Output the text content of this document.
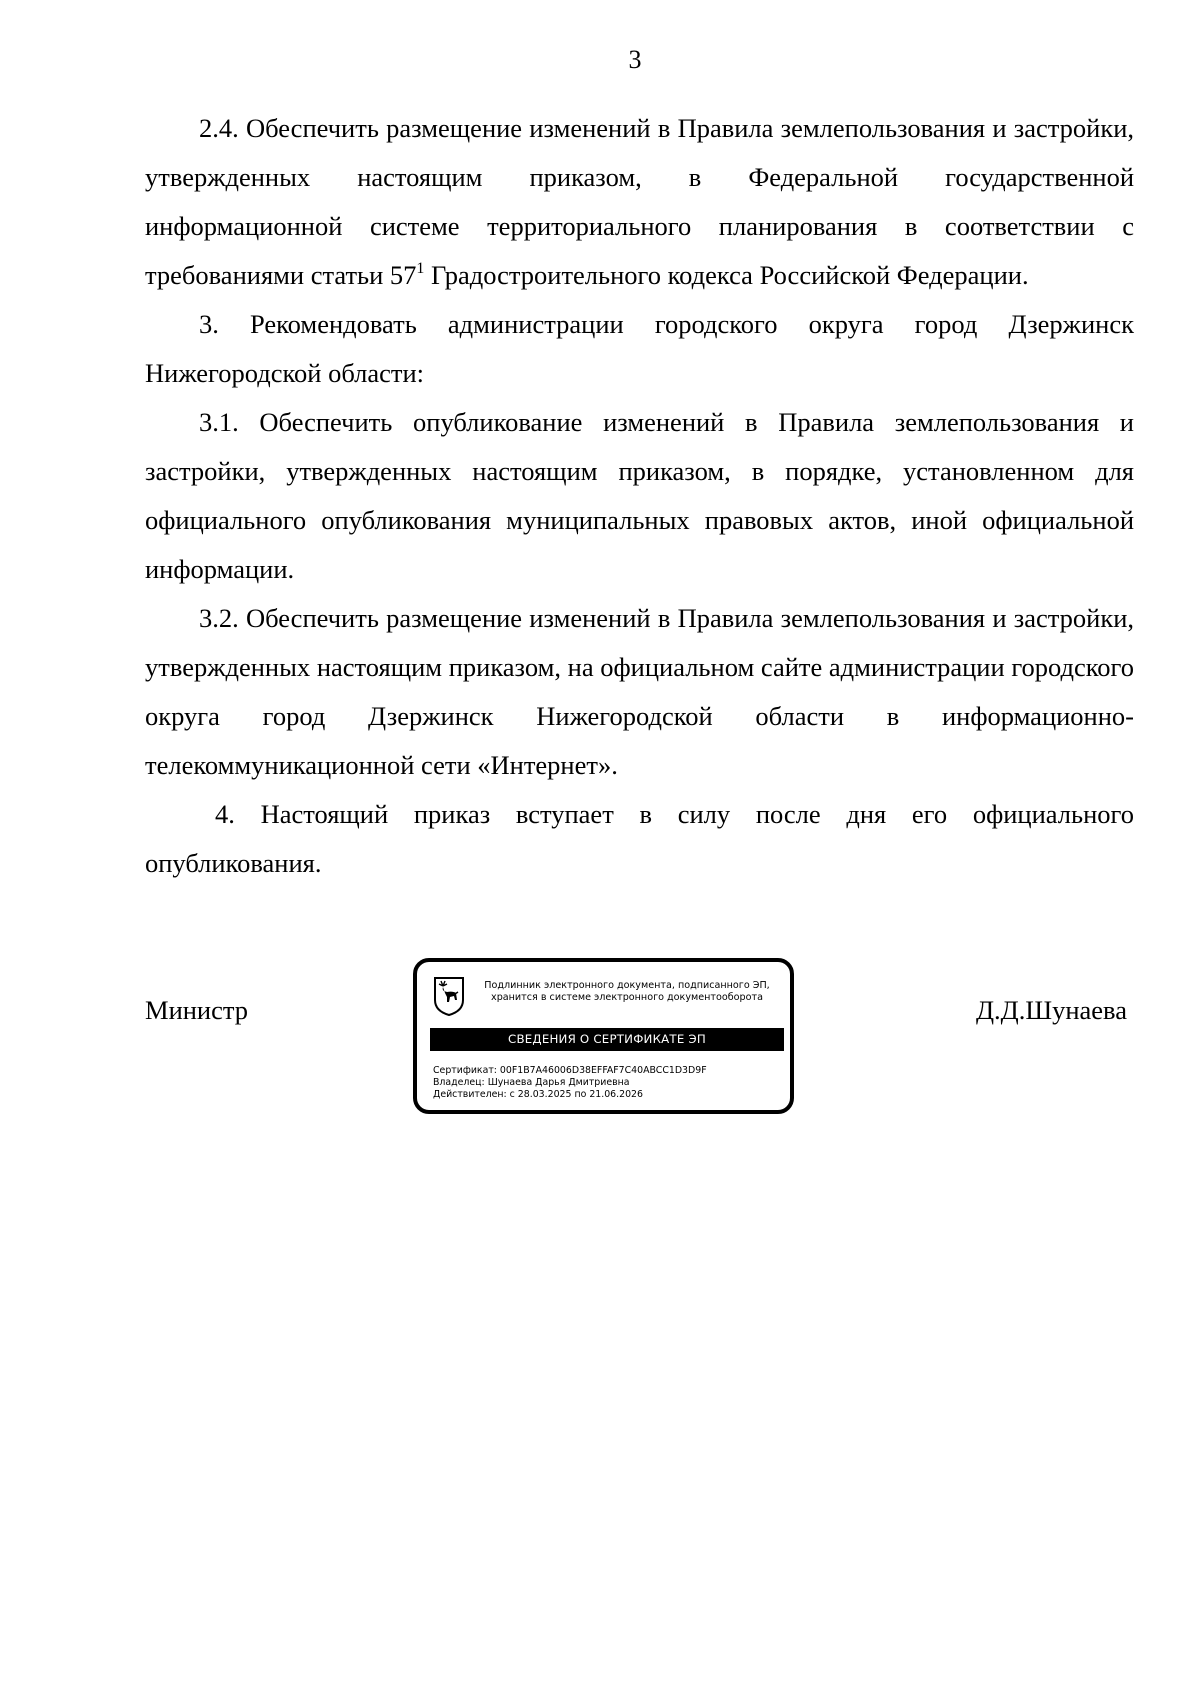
3

2.4. Обеспечить размещение изменений в Правила землепользования и застройки, утвержденных настоящим приказом, в Федеральной государственной информационной системе территориального планирования в соответствии с требованиями статьи $57^1$ Градостроительного кодекса Российской Федерации.

3. Рекомендовать администрации городского округа город Дзержинск Нижегородской области:

3.1. Обеспечить опубликование изменений в Правила землепользования и застройки, утвержденных настоящим приказом, в порядке, установленном для официального опубликования муниципальных правовых актов, иной официальной информации.

3.2. Обеспечить размещение изменений в Правила землепользования и застройки, утвержденных настоящим приказом, на официальном сайте администрации городского округа город Дзержинск Нижегородской области в информационно-телекоммуникационной сети «Интернет».

4. Настоящий приказ вступает в силу после дня его официального опубликования.

Министр
Подлинник электронного документа, подписанного ЭП,
хранится в системе электронного документооборота
СВЕДЕНИЯ О СЕРТИФИКАТЕ ЭП
Сертификат: 00F1B7A46006D38EFFAF7C40ABCC1D3D9F
Владелец: Шунаева Дарья Дмитриевна
Действителен: с 28.03.2025 по 21.06.2026
Д.Д.Шунаева
